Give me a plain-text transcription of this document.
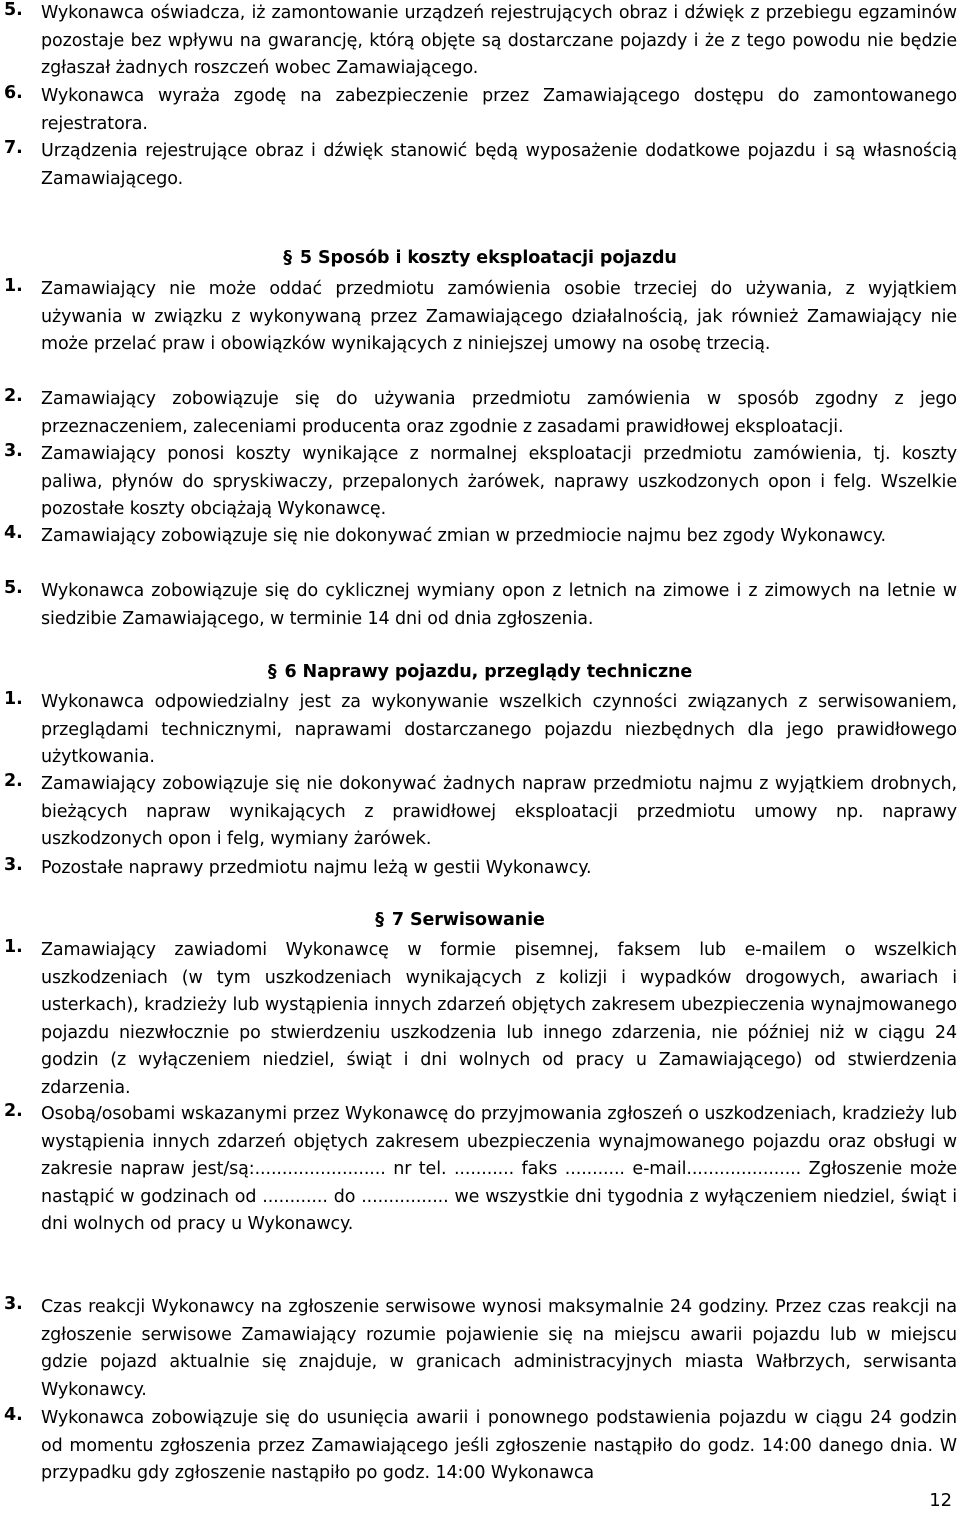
5. Wykonawca oświadcza, iż zamontowanie urządzeń rejestrujących obraz i dźwięk z przebiegu egzaminów pozostaje bez wpływu na gwarancję, którą objęte są dostarczane pojazdy i że z tego powodu nie będzie zgłaszał żadnych roszczeń wobec Zamawiającego.
6. Wykonawca wyraża zgodę na zabezpieczenie przez Zamawiającego dostępu do zamontowanego rejestratora.
7. Urządzenia rejestrujące obraz i dźwięk stanowić będą wyposażenie dodatkowe pojazdu i są własnością Zamawiającego.
§ 5 Sposób i koszty eksploatacji pojazdu
1. Zamawiający nie może oddać przedmiotu zamówienia osobie trzeciej do używania, z wyjątkiem używania w związku z wykonywaną przez Zamawiającego działalnością, jak również Zamawiający nie może przelać praw i obowiązków wynikających z niniejszej umowy na osobę trzecią.
2. Zamawiający zobowiązuje się do używania przedmiotu zamówienia w sposób zgodny z jego przeznaczeniem, zaleceniami producenta oraz zgodnie z zasadami prawidłowej eksploatacji.
3. Zamawiający ponosi koszty wynikające z normalnej eksploatacji przedmiotu zamówienia, tj. koszty paliwa, płynów do spryskiwaczy, przepalonych żarówek, naprawy uszkodzonych opon i felg. Wszelkie pozostałe koszty obciążają Wykonawcę.
4. Zamawiający zobowiązuje się nie dokonywać zmian w przedmiocie najmu bez zgody Wykonawcy.
5. Wykonawca zobowiązuje się do cyklicznej wymiany opon z letnich na zimowe i z zimowych na letnie w siedzibie Zamawiającego, w terminie 14 dni od dnia zgłoszenia.
§ 6 Naprawy pojazdu, przeglądy techniczne
1. Wykonawca odpowiedzialny jest za wykonywanie wszelkich czynności związanych z serwisowaniem, przeglądami technicznymi, naprawami dostarczanego pojazdu niezbędnych dla jego prawidłowego użytkowania.
2. Zamawiający zobowiązuje się nie dokonywać żadnych napraw przedmiotu najmu z wyjątkiem drobnych, bieżących napraw wynikających z prawidłowej eksploatacji przedmiotu umowy np. naprawy uszkodzonych opon i felg, wymiany żarówek.
3. Pozostałe naprawy przedmiotu najmu leżą w gestii Wykonawcy.
§ 7 Serwisowanie
1. Zamawiający zawiadomi Wykonawcę w formie pisemnej, faksem lub e-mailem o wszelkich uszkodzeniach (w tym uszkodzeniach wynikających z kolizji i wypadków drogowych, awariach i usterkach), kradzieży lub wystąpienia innych zdarzeń objętych zakresem ubezpieczenia wynajmowanego pojazdu niezwłocznie po stwierdzeniu uszkodzenia lub innego zdarzenia, nie później niż w ciągu 24 godzin (z wyłączeniem niedziel, świąt i dni wolnych od pracy u Zamawiającego) od stwierdzenia zdarzenia.
2. Osobą/osobami wskazanymi przez Wykonawcę do przyjmowania zgłoszeń o uszkodzeniach, kradzieży lub wystąpienia innych zdarzeń objętych zakresem ubezpieczenia wynajmowanego pojazdu oraz obsługi w zakresie napraw jest/są:........................ nr tel. ........... faks ........... e-mail..................... Zgłoszenie może nastąpić w godzinach od ............ do ................ we wszystkie dni tygodnia z wyłączeniem niedziel, świąt i dni wolnych od pracy u Wykonawcy.
3. Czas reakcji Wykonawcy na zgłoszenie serwisowe wynosi maksymalnie 24 godziny. Przez czas reakcji na zgłoszenie serwisowe Zamawiający rozumie pojawienie się na miejscu awarii pojazdu lub w miejscu gdzie pojazd aktualnie się znajduje, w granicach administracyjnych miasta Wałbrzych, serwisanta Wykonawcy.
4. Wykonawca zobowiązuje się do usunięcia awarii i ponownego podstawienia pojazdu w ciągu 24 godzin od momentu zgłoszenia przez Zamawiającego jeśli zgłoszenie nastąpiło do godz. 14:00 danego dnia. W przypadku gdy zgłoszenie nastąpiło po godz. 14:00 Wykonawca
12
